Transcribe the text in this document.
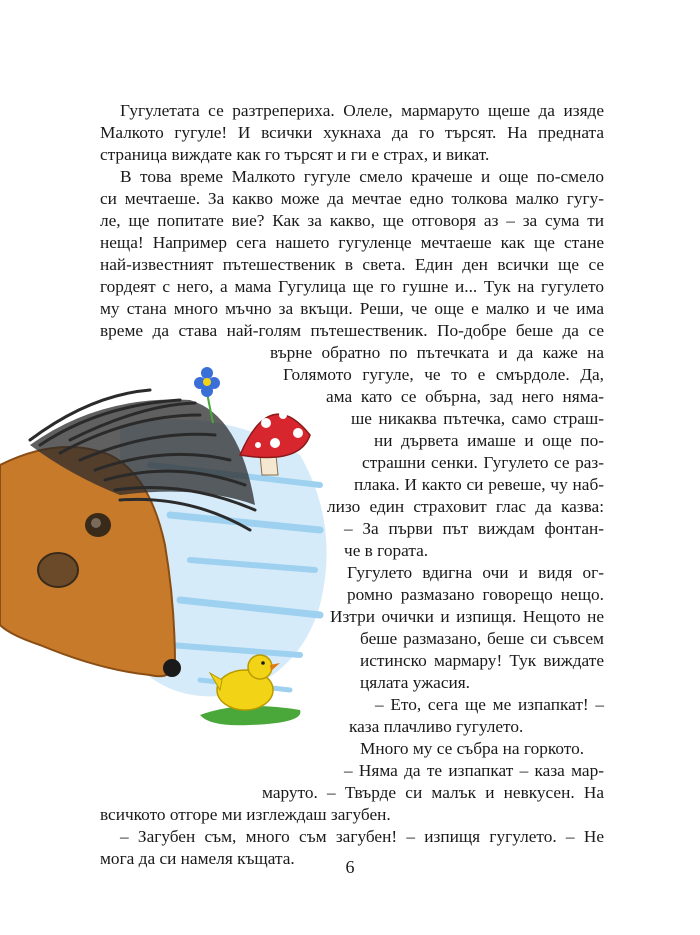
Гугулетата се разтрепериха. Олеле, мармаруто щеше да изяде
Малкото гугуле! И всички хукнаха да го търсят. На предната
страница виждате как го търсят и ги е страх, и викат.
В това време Малкото гугуле смело крачеше и още по-смело
си мечтаеше. За какво може да мечтае едно толкова малко гугу-
ле, ще попитате вие? Как за какво, ще отговоря аз – за сума ти
неща! Например сега нашето гугуленце мечтаеше как ще стане
най-известният пътешественик в света. Един ден всички ще се
гордеят с него, а мама Гугулица ще го гушне и... Тук на гугулето
му стана много мъчно за вкъщи. Реши, че още е малко и че има
време да става най-голям пътешественик. По-добре беше да се
върне обратно по пътечката и да каже на
Голямото гугуле, че то е смърдоле. Да,
ама като се обърна, зад него няма-
ше никаква пътечка, само страш-
ни дървета имаше и още по-
страшни сенки. Гугулето се раз-
плака. И както си ревеше, чу наб-
лизо един страховит глас да казва:
– За първи път виждам фонтан-
че в гората.
Гугулето вдигна очи и видя ог-
ромно размазано говорещо нещо.
Изтри очички и изпищя. Нещото не
беше размазано, беше си съвсем
истинско мармару! Тук виждате
цялата ужасия.
– Ето, сега ще ме изпапкат! –
каза плачливо гугулето.
Много му се събра на горкото.
– Няма да те изпапкат – каза мар-
маруто. – Твърде си малък и невкусен. На
всичкото отгоре ми изглеждаш загубен.
– Загубен съм, много съм загубен! – изпищя гугулето. – Не
мога да си намеля къщата.	6
